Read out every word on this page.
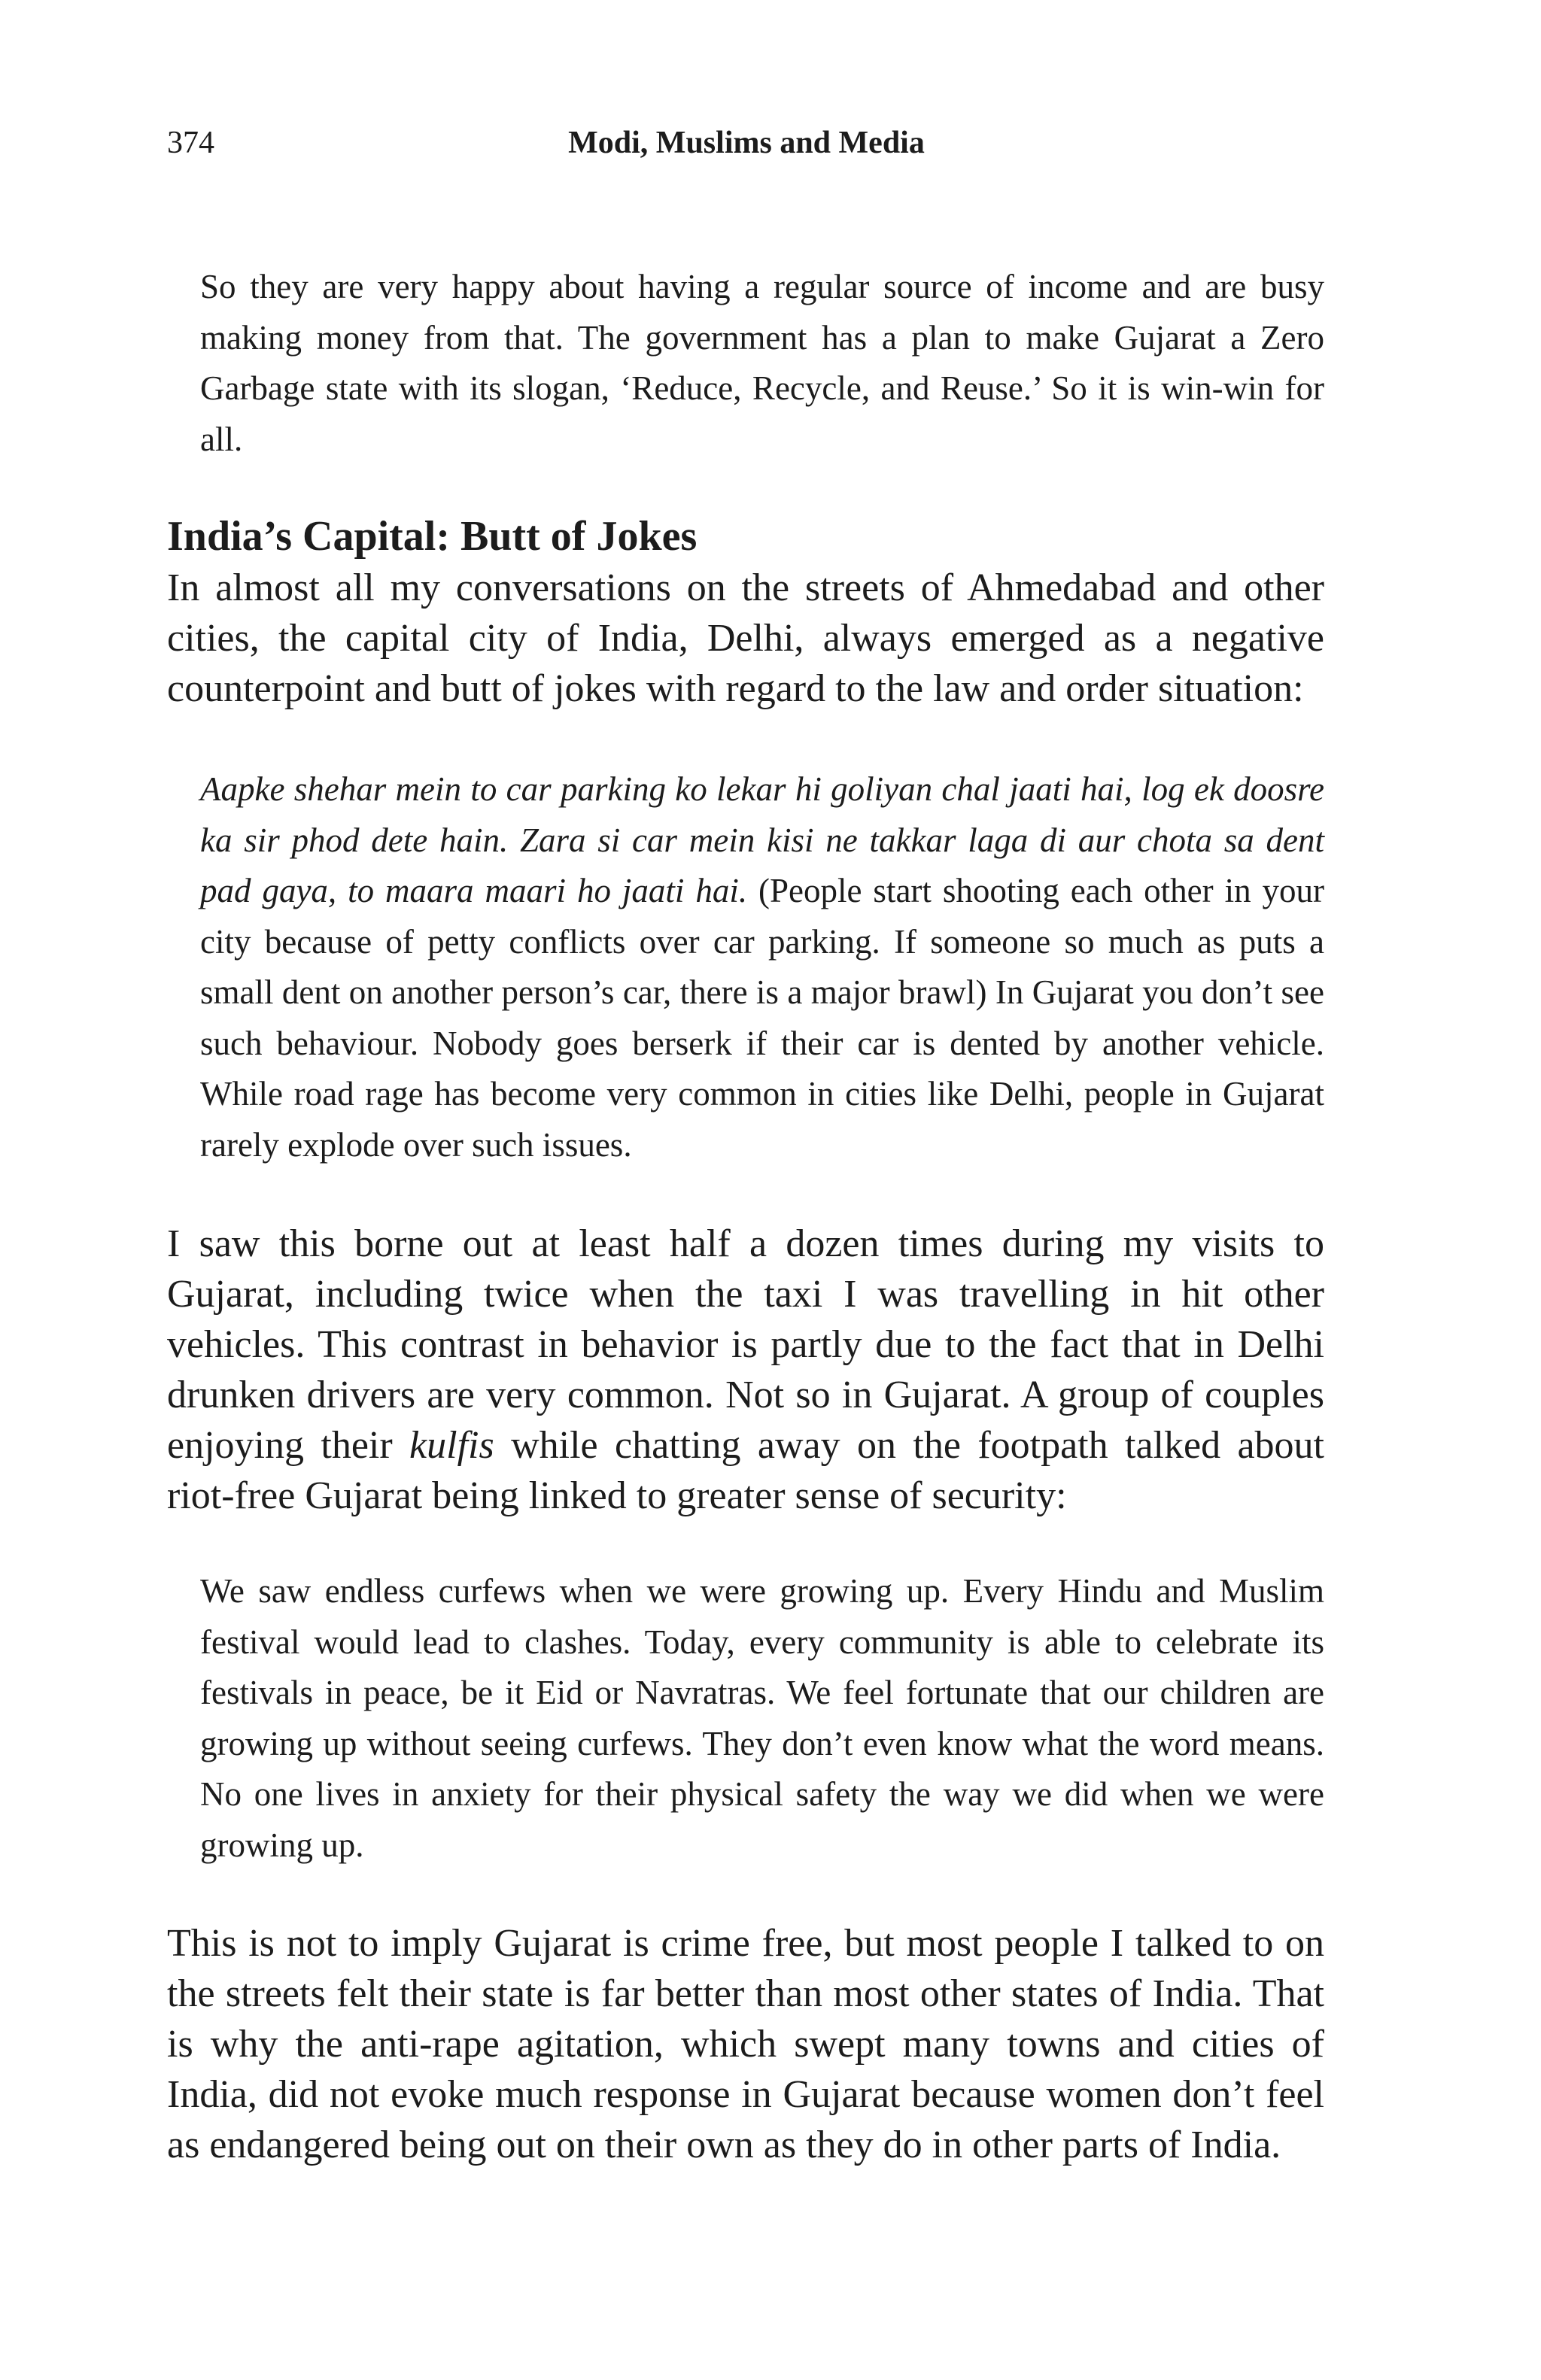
374	Modi, Muslims and Media

So they are very happy about having a regular source of income and are busy making money from that. The government has a plan to make Gujarat a Zero Garbage state with its slogan, ‘Reduce, Recycle, and Reuse.’ So it is win-win for all.

India’s Capital: Butt of Jokes

In almost all my conversations on the streets of Ahmedabad and other cities, the capital city of India, Delhi, always emerged as a negative counterpoint and butt of jokes with regard to the law and order situation:

Aapke shehar mein to car parking ko lekar hi goliyan chal jaati hai, log ek doosre ka sir phod dete hain. Zara si car mein kisi ne takkar laga di aur chota sa dent pad gaya, to maara maari ho jaati hai. (People start shooting each other in your city because of petty conflicts over car parking. If someone so much as puts a small dent on another person’s car, there is a major brawl) In Gujarat you don’t see such behaviour. Nobody goes berserk if their car is dented by another vehicle. While road rage has become very common in cities like Delhi, people in Gujarat rarely explode over such issues.

I saw this borne out at least half a dozen times during my visits to Gujarat, including twice when the taxi I was travelling in hit other vehicles. This contrast in behavior is partly due to the fact that in Delhi drunken drivers are very common. Not so in Gujarat. A group of couples enjoying their kulfis while chatting away on the footpath talked about riot-free Gujarat being linked to greater sense of security:

We saw endless curfews when we were growing up. Every Hindu and Muslim festival would lead to clashes. Today, every community is able to celebrate its festivals in peace, be it Eid or Navratras. We feel fortunate that our children are growing up without seeing curfews. They don’t even know what the word means. No one lives in anxiety for their physical safety the way we did when we were growing up.

This is not to imply Gujarat is crime free, but most people I talked to on the streets felt their state is far better than most other states of India. That is why the anti-rape agitation, which swept many towns and cities of India, did not evoke much response in Gujarat because women don’t feel as endangered being out on their own as they do in other parts of India.
